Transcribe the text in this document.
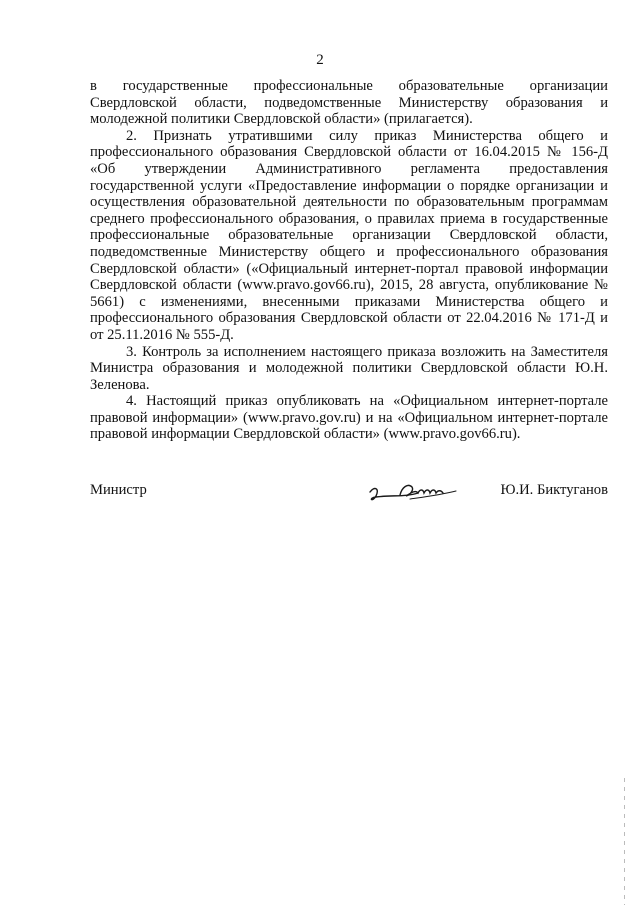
2

в государственные профессиональные образовательные организации Свердловской области, подведомственные Министерству образования и молодежной политики Свердловской области» (прилагается).

2. Признать утратившими силу приказ Министерства общего и профессионального образования Свердловской области от 16.04.2015 № 156-Д «Об утверждении Административного регламента предоставления государственной услуги «Предоставление информации о порядке организации и осуществления образовательной деятельности по образовательным программам среднего профессионального образования, о правилах приема в государственные профессиональные образовательные организации Свердловской области, подведомственные Министерству общего и профессионального образования Свердловской области» («Официальный интернет-портал правовой информации Свердловской области (www.pravo.gov66.ru), 2015, 28 августа, опубликование № 5661) с изменениями, внесенными приказами Министерства общего и профессионального образования Свердловской области от 22.04.2016 № 171-Д и от 25.11.2016 № 555-Д.

3. Контроль за исполнением настоящего приказа возложить на Заместителя Министра образования и молодежной политики Свердловской области Ю.Н. Зеленова.

4. Настоящий приказ опубликовать на «Официальном интернет-портале правовой информации» (www.pravo.gov.ru) и на «Официальном интернет-портале правовой информации Свердловской области» (www.pravo.gov66.ru).

Министр	Ю.И. Биктуганов
